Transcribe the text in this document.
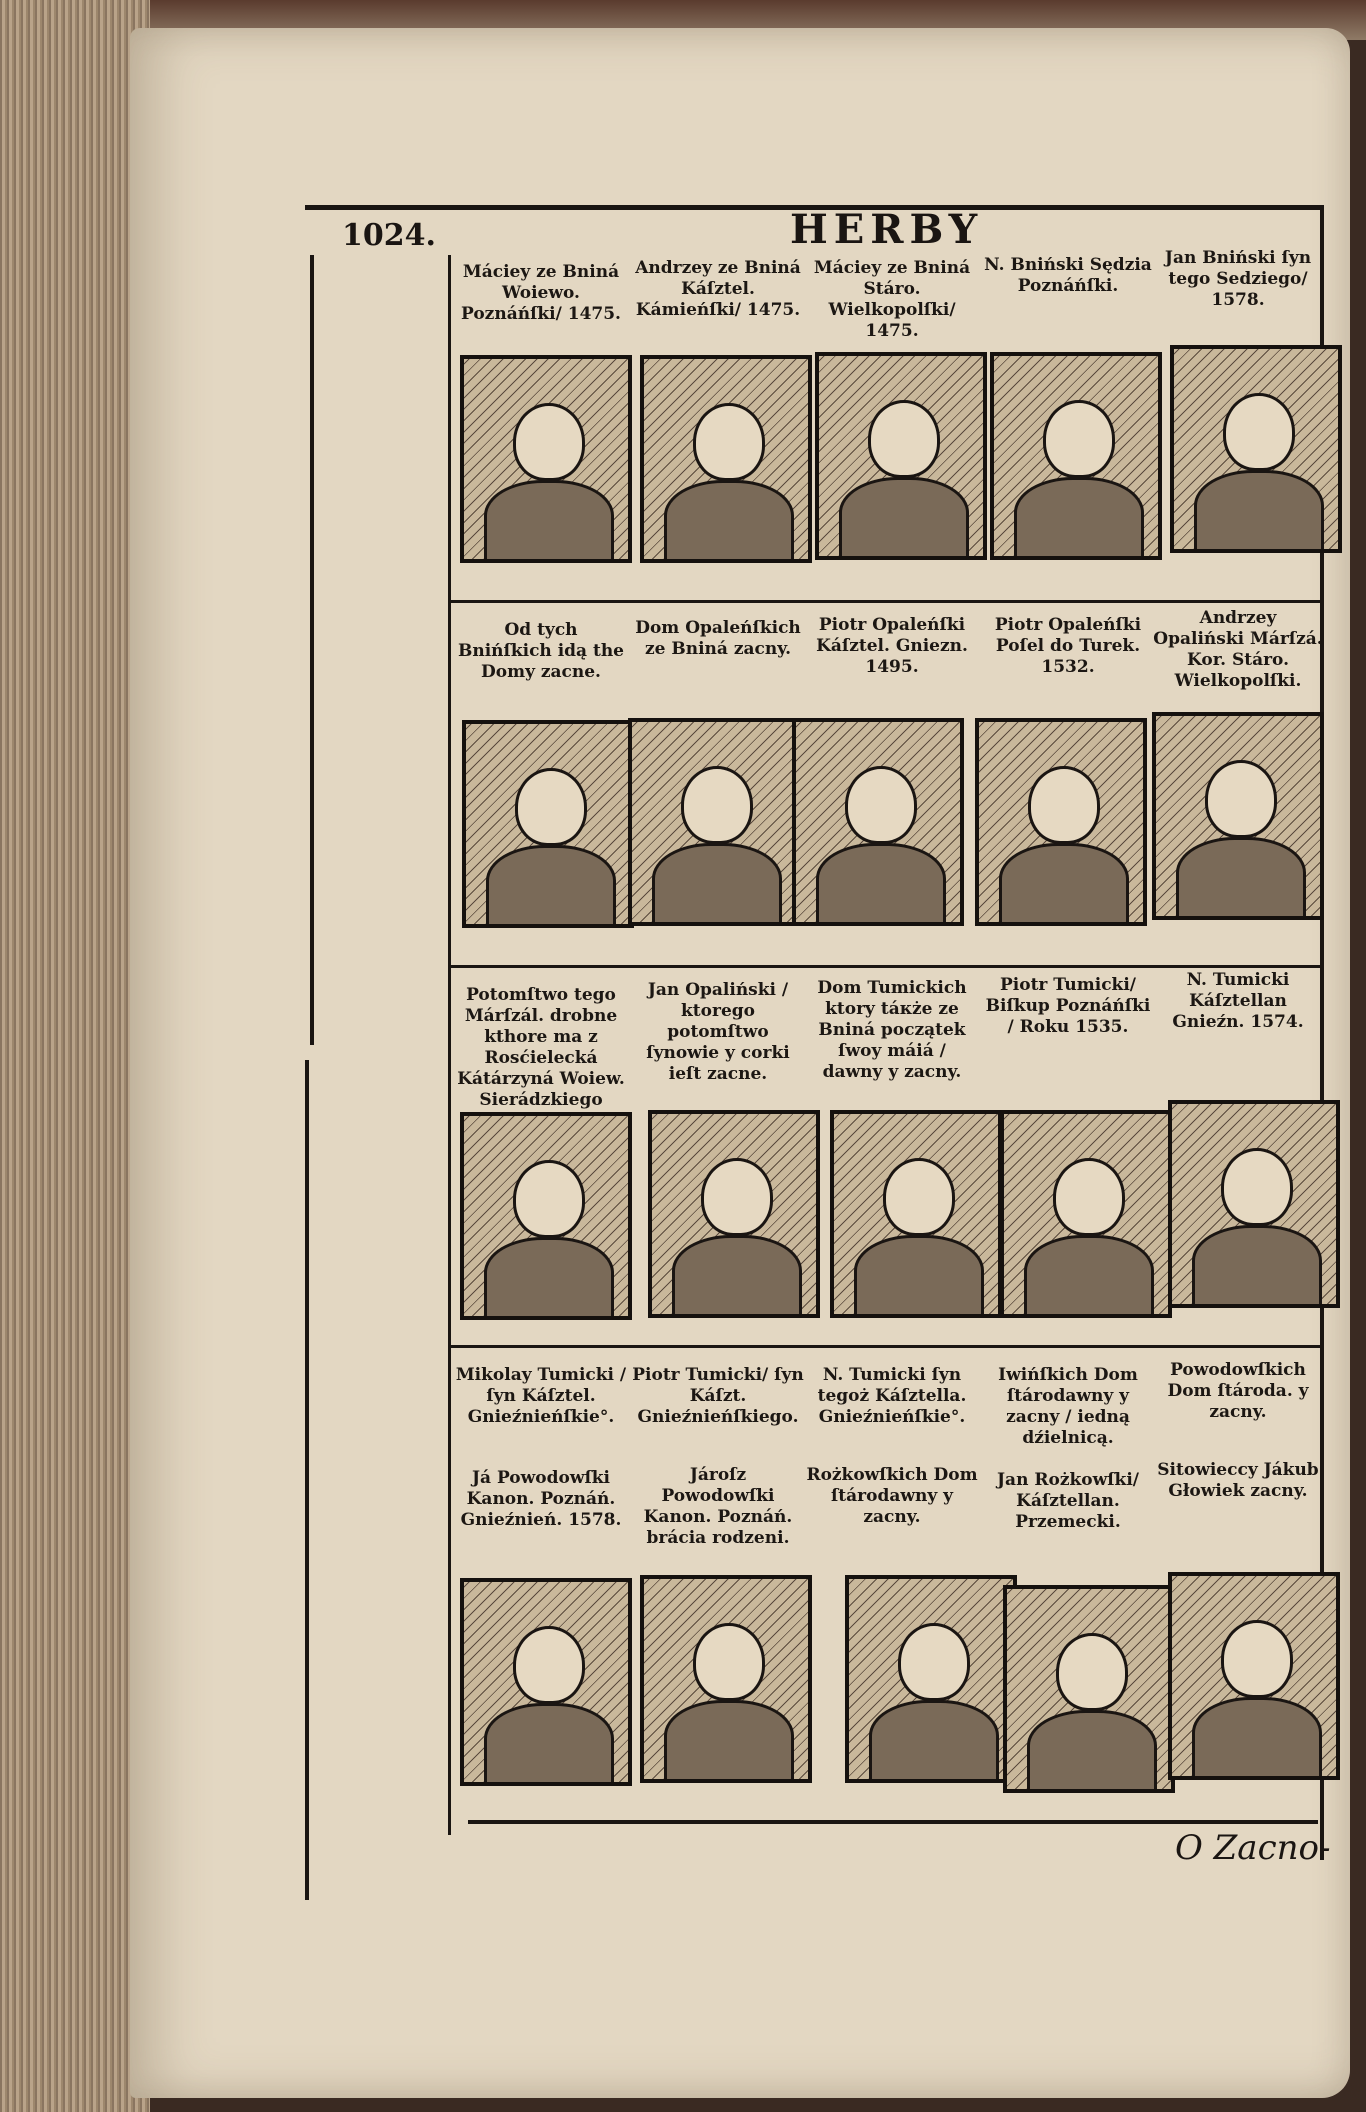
1024.	HERBY
O Zacno-
Máciey ze Bniná Woiewo. Poznáńſki/ 1475.
Andrzey ze Bniná Káſztel. Kámieńſki/ 1475.
Máciey ze Bniná Stáro. Wielkopolſki/ 1475.
N. Bniński Sędzia Poznáńſki.
Jan Bniński ſyn tego Sedziego/ 1578.
Od tych Bnińſkich idą the Domy zacne.
Dom Opaleńſkich ze Bniná zacny.
Piotr Opaleńſki Káſztel. Gniezn. 1495.
Piotr Opaleńſki Poſel do Turek. 1532.
Andrzey Opaliński Márſzá. Kor. Stáro. Wielkopolſki.
Potomſtwo tego Márſzál. drobne kthore ma z Rosćielecká Kátárzyná Woiew. Sierádzkiego
Jan Opaliński / ktorego potomſtwo ſynowie y corki ieſt zacne.
Dom Tumickich ktory táкże ze Bniná początek ſwoy máiá / dawny y zacny.
Piotr Tumicki/ Biſkup Poznáńſki / Roku 1535.
N. Tumicki Káſztellan Gnieźn. 1574.
Mikolay Tumicki / ſyn Káſztel. Gnieźnieńſkie°.
Piotr Tumicki/ ſyn Káſzt. Gnieźnieńſkiego.
N. Tumicki ſyn tegoż Káſztella. Gnieźnieńſkie°.
Iwińſkich Dom ſtárodawny y zacny / iedną dźielnicą.
Powodowſkich Dom ſtároda. y zacny.
Já Powodowſki Kanon. Poznáń. Gnieźnień. 1578.
Jároſz Powodowſki Kanon. Poznáń. brácia rodzeni.
Rożkowſkich Dom ſtárodawny y zacny.
Jan Rożkowſki/ Káſztellan. Przemecki.
Sitowieccy Jákub Głowiek zacny.
